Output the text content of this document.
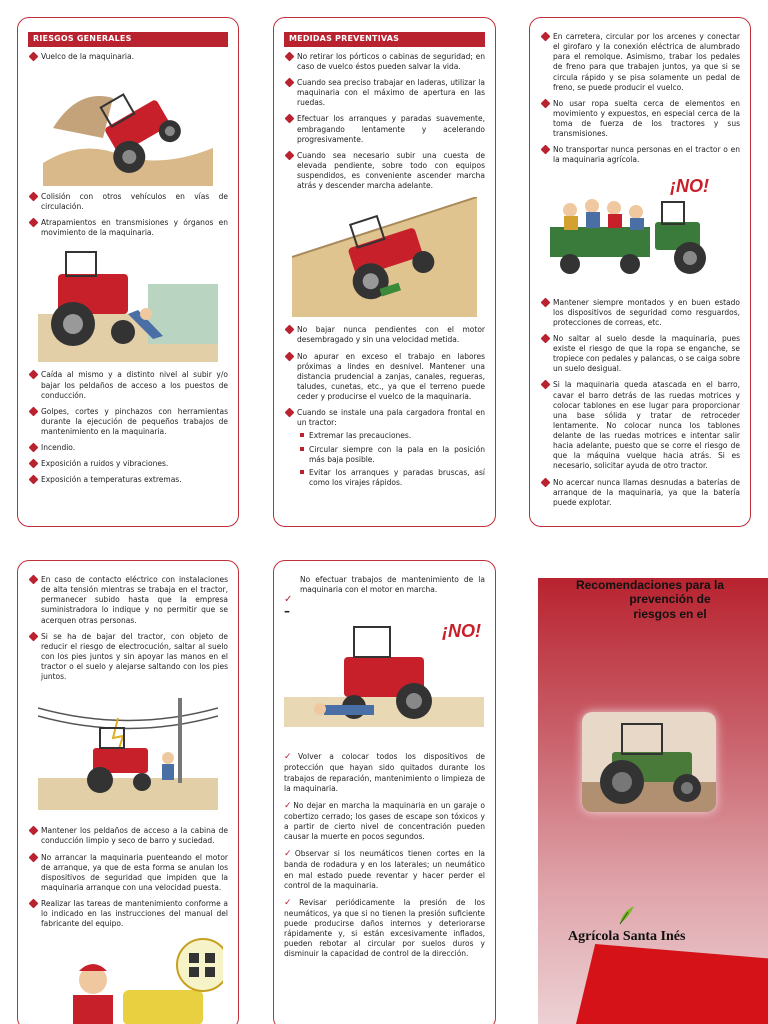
RIESGOS GENERALES
Vuelco de la maquinaria.
Colisión con otros vehículos en vías de circulación.
Atrapamientos en transmisiones y órganos en movimiento de la maquinaria.
Caída al mismo y a distinto nivel al subir y/o bajar los peldaños de acceso a los puestos de conducción.
Golpes, cortes y pinchazos con herramientas durante la ejecución de pequeños trabajos de mantenimiento en la maquinaria.
Incendio.
Exposición a ruidos y vibraciones.
Exposición a temperaturas extremas.
MEDIDAS PREVENTIVAS
No retirar los pórticos o cabinas de seguridad; en caso de vuelco éstos pueden salvar la vida.
Cuando sea preciso trabajar en laderas, utilizar la maquinaria con el máximo de apertura en las ruedas.
Efectuar los arranques y paradas suavemente, embragando lentamente y acelerando progresivamente.
Cuando sea necesario subir una cuesta de elevada pendiente, sobre todo con equipos suspendidos, es conveniente ascender marcha atrás y descender marcha adelante.
No bajar nunca pendientes con el motor desembragado y sin una velocidad metida.
No apurar en exceso el trabajo en labores próximas a lindes en desnivel. Mantener una distancia prudencial a zanjas, canales, regueras, taludes, cunetas, etc., ya que el terreno puede ceder y producirse el vuelco de la maquinaria.
Cuando se instale una pala cargadora frontal en un tractor:
Extremar las precauciones.
Circular siempre con la pala en la posición más baja posible.
Evitar los arranques y paradas bruscas, así como los virajes rápidos.
En carretera, circular por los arcenes y conectar el girofaro y la conexión eléctrica de alumbrado para el remolque. Asimismo, trabar los pedales de freno para que trabajen juntos, ya que si se circula rápido y se pisa solamente un pedal de freno, se puede producir el vuelco.
No usar ropa suelta cerca de elementos en movimiento y expuestos, en especial cerca de la toma de fuerza de los tractores y sus transmisiones.
No transportar nunca personas en el tractor o en la maquinaria agrícola.
¡NO!
Mantener siempre montados y en buen estado los dispositivos de seguridad como resguardos, protecciones de correas, etc.
No saltar al suelo desde la maquinaria, pues existe el riesgo de que la ropa se enganche, se tropiece con pedales y palancas, o se caiga sobre un suelo desigual.
Si la maquinaria queda atascada en el barro, cavar el barro detrás de las ruedas motrices y colocar tablones en ese lugar para proporcionar una base sólida y tratar de retroceder lentamente. No colocar nunca los tablones delante de las ruedas motrices e intentar salir hacia adelante, puesto que se corre el riesgo de que la máquina vuelque hacia atrás. Si es necesario, solicitar ayuda de otro tractor.
No acercar nunca llamas desnudas a baterías de arranque de la maquinaria, ya que la batería puede explotar.
En caso de contacto eléctrico con instalaciones de alta tensión mientras se trabaja en el tractor, permanecer subido hasta que la empresa suministradora lo indique y no permitir que se acerquen otras personas.
Si se ha de bajar del tractor, con objeto de reducir el riesgo de electrocución, saltar al suelo con los pies juntos y sin apoyar las manos en el tractor o el suelo y alejarse saltando con los pies juntos.
Mantener los peldaños de acceso a la cabina de conducción limpio y seco de barro y suciedad.
No arrancar la maquinaria puenteando el motor de arranque, ya que de esta forma se anulan los dispositivos de seguridad que impiden que la maquinaria arranque con una velocidad puesta.
Realizar las tareas de mantenimiento conforme a lo indicado en las instrucciones del manual del fabricante del equipo.
No efectuar trabajos de mantenimiento de la maquinaria con el motor en marcha.
✓
–
¡NO!
✓Volver a colocar todos los dispositivos de protección que hayan sido quitados durante los trabajos de reparación, mantenimiento o limpieza de la maquinaria.
✓No dejar en marcha la maquinaria en un garaje o cobertizo cerrado; los gases de escape son tóxicos y a partir de cierto nivel de concentración pueden causar la muerte en pocos segundos.
✓Observar si los neumáticos tienen cortes en la banda de rodadura y en los laterales; un neumático en mal estado puede reventar y hacer perder el control de la maquinaria.
✓Revisar periódicamente la presión de los neumáticos, ya que si no tienen la presión suficiente puede producirse daños internos y deteriorarse rápidamente y, si están excesivamente inflados, pueden rebotar al circular por suelos duros y disminuir la capacidad de control de la dirección.
Recomendaciones para la
prevención de
riesgos en el
Agrícola Santa Inés
